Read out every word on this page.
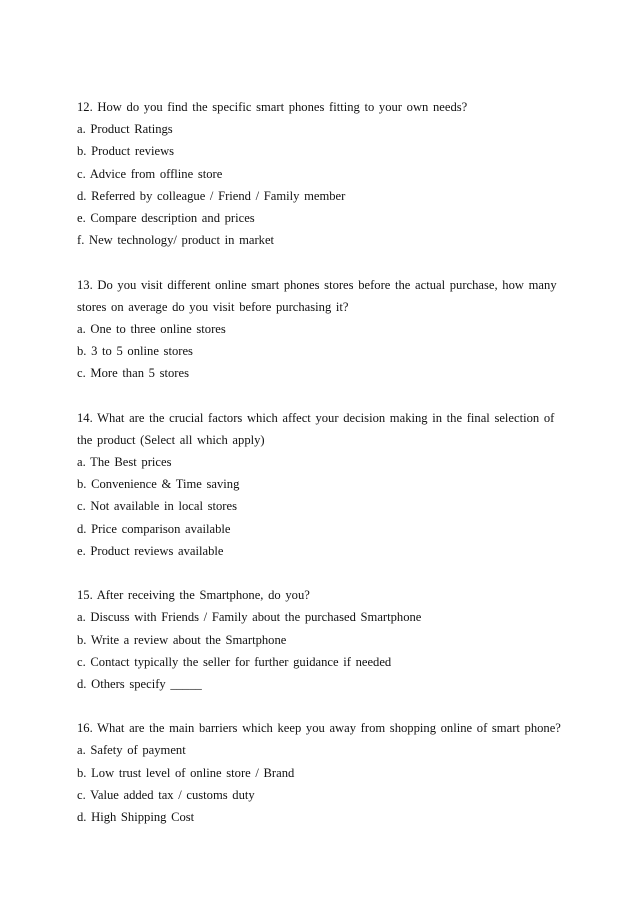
12. How do you find the specific smart phones fitting to your own needs?
a. Product Ratings
b. Product reviews
c. Advice from offline store
d. Referred by colleague / Friend / Family member
e. Compare description and prices
f. New technology/ product in market
13. Do you visit different online smart phones stores before the actual purchase, how many
stores on average do you visit before purchasing it?
a. One to three online stores
b. 3 to 5 online stores
c. More than 5 stores
14. What are the crucial factors which affect your decision making in the final selection of
the product (Select all which apply)
a. The Best prices
b. Convenience & Time saving
c. Not available in local stores
d. Price comparison available
e. Product reviews available
15. After receiving the Smartphone, do you?
a. Discuss with Friends / Family about the purchased Smartphone
b. Write a review about the Smartphone
c. Contact typically the seller for further guidance if needed
d. Others specify _____
16. What are the main barriers which keep you away from shopping online of smart phone?
a. Safety of payment
b. Low trust level of online store / Brand
c. Value added tax / customs duty
d. High Shipping Cost
